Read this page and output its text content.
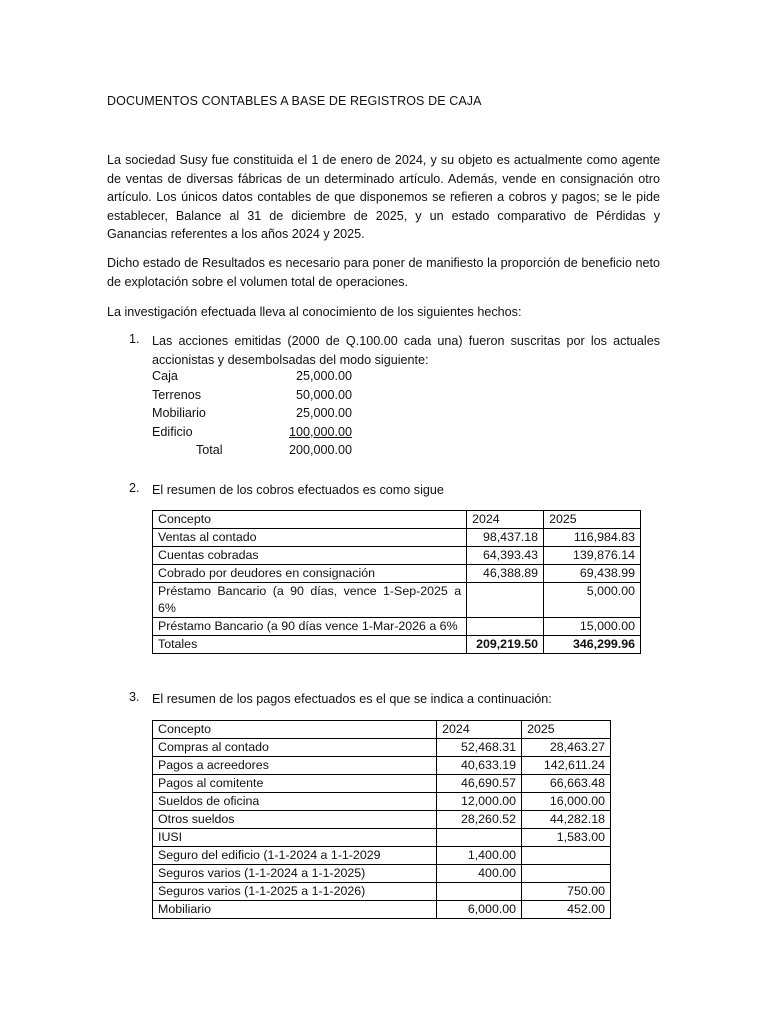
DOCUMENTOS CONTABLES A BASE DE REGISTROS DE CAJA
La sociedad Susy fue constituida el 1 de enero de 2024, y su objeto es actualmente como agente de ventas de diversas fábricas de un determinado artículo. Además, vende en consignación otro artículo. Los únicos datos contables de que disponemos se refieren a cobros y pagos; se le pide establecer, Balance al 31 de diciembre de 2025, y un estado comparativo de Pérdidas y Ganancias referentes a los años 2024 y 2025.
Dicho estado de Resultados es necesario para poner de manifiesto la proporción de beneficio neto de explotación sobre el volumen total de operaciones.
La investigación efectuada lleva al conocimiento de los siguientes hechos:
1. Las acciones emitidas (2000 de Q.100.00 cada una) fueron suscritas por los actuales accionistas y desembolsadas del modo siguiente:
Caja	25,000.00
Terrenos	50,000.00
Mobiliario	25,000.00
Edificio	100,000.00
Total	200,000.00
2. El resumen de los cobros efectuados es como sigue
Concepto	2024	2025
Ventas al contado	98,437.18	116,984.83
Cuentas cobradas	64,393.43	139,876.14
Cobrado por deudores en consignación	46,388.89	69,438.99
Préstamo Bancario (a 90 días, vence 1-Sep-2025 a 6%		5,000.00
Préstamo Bancario (a 90 días vence 1-Mar-2026 a 6%		15,000.00
Totales	209,219.50	346,299.96
3. El resumen de los pagos efectuados es el que se indica a continuación:
Concepto	2024	2025
Compras al contado	52,468.31	28,463.27
Pagos a acreedores	40,633.19	142,611.24
Pagos al comitente	46,690.57	66,663.48
Sueldos de oficina	12,000.00	16,000.00
Otros sueldos	28,260.52	44,282.18
IUSI		1,583.00
Seguro del edificio (1-1-2024 a 1-1-2029	1,400.00	
Seguros varios (1-1-2024 a 1-1-2025)	400.00	
Seguros varios (1-1-2025 a 1-1-2026)		750.00
Mobiliario	6,000.00	452.00
